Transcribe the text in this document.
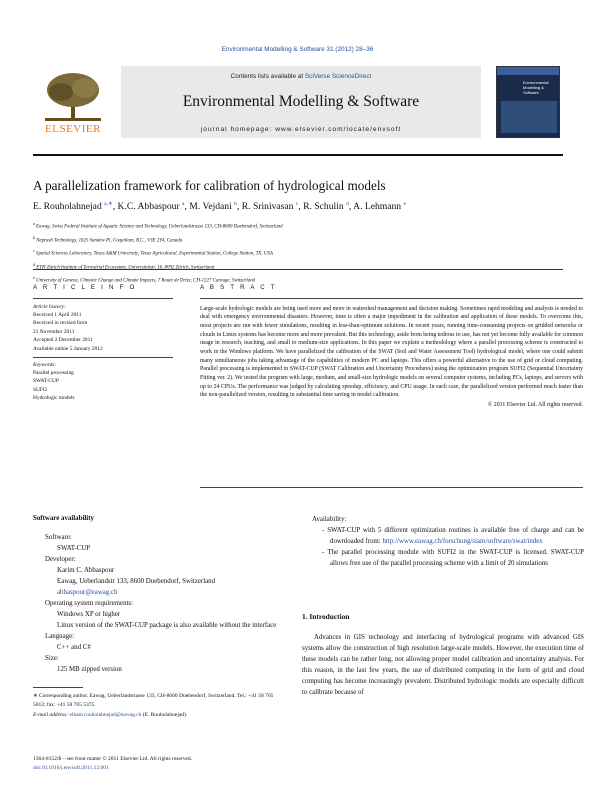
Environmental Modelling & Software 31 (2012) 28–36
ELSEVIER
Contents lists available at SciVerse ScienceDirect
Environmental Modelling & Software
journal homepage: www.elsevier.com/locate/envsoft
Environmental Modelling & Software
A parallelization framework for calibration of hydrological models
E. Rouholahnejad $^{a,∗}$, K.C. Abbaspour $^a$, M. Vejdani $^b$, R. Srinivasan $^c$, R. Schulin $^d$, A. Lehmann $^e$
$^a$ Eawag, Swiss Federal Institute of Aquatic Science and Technology, Ueberlandstrasse 133, CH-8600 Duebendorf, Switzerland
$^b$ Neprash Technology, 1625 Sundew Pl, Coquitlam, B.C., V3E 2Y4, Canada
$^c$ Spatial Sciences Laboratory, Texas A&M University, Texas Agricultural, Experimental Station, College Station, TX, USA
$^d$ ETH Zürich Institute of Terrestrial Ecosystem, Universitätstr. 16, 8092 Zürich, Switzerland
$^e$ University of Geneva, Climatic Change and Climate Impacts, 7 Route de Drize, CH-1227 Carouge, Switzerland
A R T I C L E I N F O
Article history:
Received 1 April 2011
Received in revised form
21 November 2011
Accepted 2 December 2011
Available online 5 January 2012
Keywords:
Parallel processing
SWAT-CUP
SUFI2
Hydrologic models
A B S T R A C T
Large-scale hydrologic models are being used more and more in watershed management and decision making. Sometimes rapid modeling and analysis is needed to deal with emergency environmental disasters. However, time is often a major impediment in the calibration and application of these models. To overcome this, most projects are run with fewer simulations, resulting in less-than-optimum solutions. In recent years, running time-consuming projects on gridded networks or clouds in Linux systems has become more and more prevalent. But this technology, aside from being tedious to use, has not yet become fully available for common usage in research, teaching, and small to medium-size applications. In this paper we explain a methodology where a parallel processing scheme is constructed to work in the Windows platform. We have parallelized the calibration of the SWAT (Soil and Water Assessment Tool) hydrological model, where one could submit many simultaneous jobs taking advantage of the capabilities of modern PC and laptops. This offers a powerful alternative to the use of grid or cloud computing. Parallel processing is implemented in SWAT-CUP (SWAT Calibration and Uncertainty Procedures) using the optimization program SUFI2 (Sequential Uncertainty Fitting ver. 2). We tested the program with large, medium, and small-size hydrologic models on several computer systems, including PCs, laptops, and servers with up to 24 CPUs. The performance was judged by calculating speedup, efficiency, and CPU usage. In each case, the parallelized version performed much faster than the non-parallelized version, resulting in substantial time saving in model calibration.
© 2011 Elsevier Ltd. All rights reserved.
Software availability
Software:
SWAT-CUP
Developer:
Karim C. Abbaspour
Eawag, Ueberlandstr 133, 8600 Duebendorf, Switzerland
abbaspour@eawag.ch
Operating system requirements:
Windows XP or higher
Linux version of the SWAT-CUP package is also available without the interface
Language:
C++ and C#
Size:
125 MB zipped version
Availability:
- SWAT-CUP with 5 different optimization routines is available free of charge and can be downloaded from: http://www.eawag.ch/forschung/siam/software/swat/index
- The parallel processing module with SUFI2 in the SWAT-CUP is licensed. SWAT-CUP allows free use of the parallel processing scheme with a limit of 20 simulations
1. Introduction
Advances in GIS technology and interfacing of hydrological programs with advanced GIS systems allow the construction of high resolution large-scale models. However, the execution time of these models can be rather long, not allowing proper model calibration and uncertainty analysis. For this reason, in the last few years, the use of distributed computing in the form of grid and cloud computing has become increasingly prevalent. Distributed hydrologic models are especially difficult to calibrate because of
∗ Corresponding author. Eawag, Ueberlandstrasse 133, CH-8600 Duebendorf, Switzerland. Tel.: +41 58 765 5012; fax: +41 58 765 5375.
E-mail address: elham.rouholahnejad@eawag.ch (E. Rouholahnejad).
1364-8152/$ – see front matter © 2011 Elsevier Ltd. All rights reserved.
doi:10.1016/j.envsoft.2011.12.001
